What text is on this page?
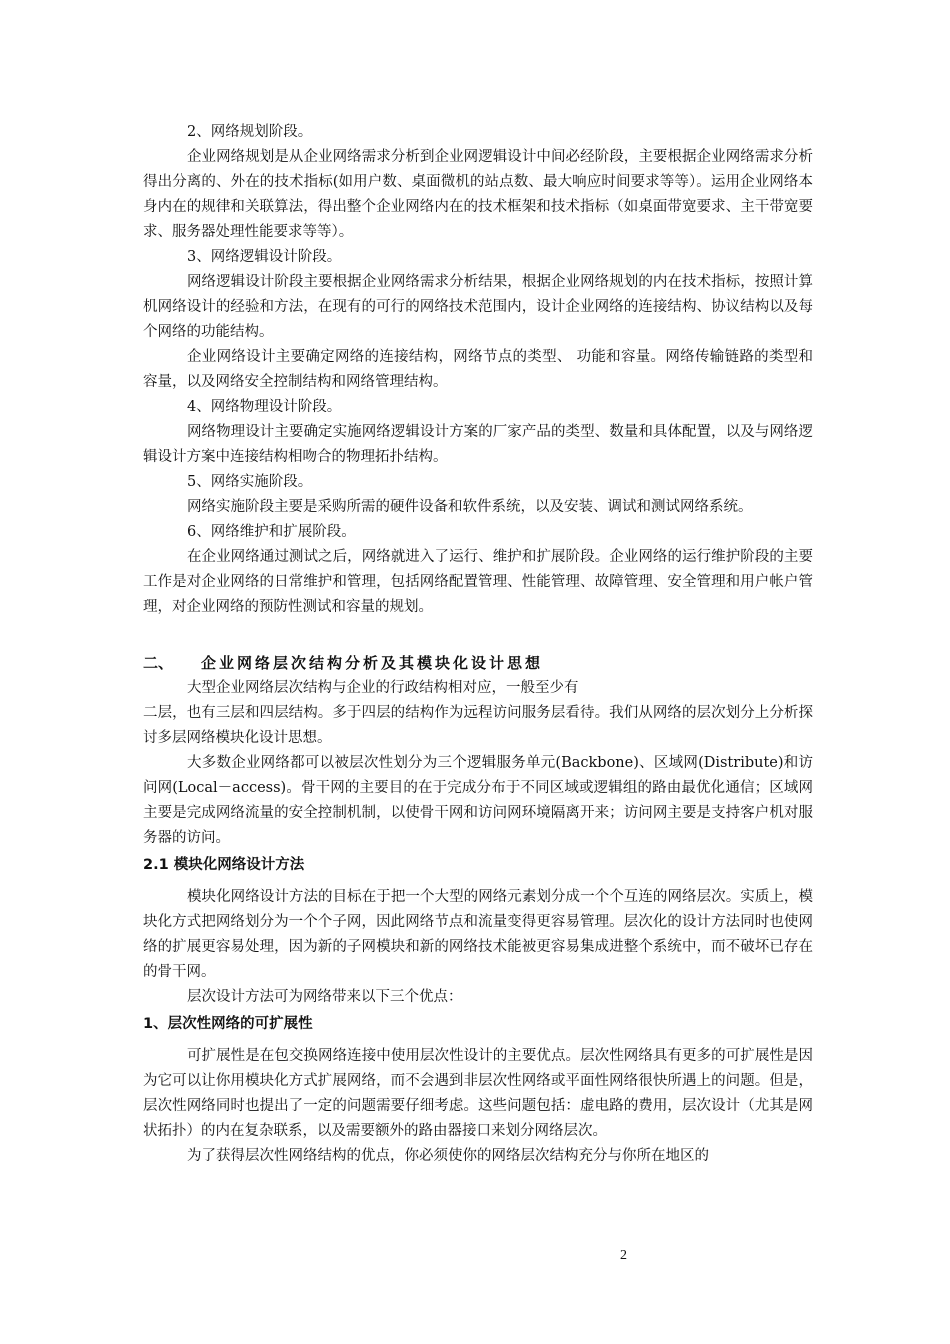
2、网络规划阶段。

企业网络规划是从企业网络需求分析到企业网逻辑设计中间必经阶段，主要根据企业网络需求分析得出分离的、外在的技术指标(如用户数、桌面微机的站点数、最大响应时间要求等等）。运用企业网络本身内在的规律和关联算法，得出整个企业网络内在的技术框架和技术指标（如桌面带宽要求、主干带宽要求、服务器处理性能要求等等）。

3、网络逻辑设计阶段。

网络逻辑设计阶段主要根据企业网络需求分析结果，根据企业网络规划的内在技术指标，按照计算机网络设计的经验和方法，在现有的可行的网络技术范围内，设计企业网络的连接结构、协议结构以及每个网络的功能结构。

企业网络设计主要确定网络的连接结构，网络节点的类型、 功能和容量。网络传输链路的类型和容量，以及网络安全控制结构和网络管理结构。

4、网络物理设计阶段。

网络物理设计主要确定实施网络逻辑设计方案的厂家产品的类型、数量和具体配置，以及与网络逻辑设计方案中连接结构相吻合的物理拓扑结构。

5、网络实施阶段。

网络实施阶段主要是采购所需的硬件设备和软件系统，以及安装、调试和测试网络系统。

6、网络维护和扩展阶段。

在企业网络通过测试之后，网络就进入了运行、维护和扩展阶段。企业网络的运行维护阶段的主要工作是对企业网络的日常维护和管理，包括网络配置管理、性能管理、故障管理、安全管理和用户帐户管理，对企业网络的预防性测试和容量的规划。

二、 企业网络层次结构分析及其模块化设计思想

大型企业网络层次结构与企业的行政结构相对应，一般至少有

二层，也有三层和四层结构。多于四层的结构作为远程访问服务层看待。我们从网络的层次划分上分析探讨多层网络模块化设计思想。

大多数企业网络都可以被层次性划分为三个逻辑服务单元(Backbone)、区域网(Distribute)和访问网(Local－access)。骨干网的主要目的在于完成分布于不同区域或逻辑组的路由最优化通信；区域网主要是完成网络流量的安全控制机制，以使骨干网和访问网环境隔离开来；访问网主要是支持客户机对服务器的访问。

2.1 模块化网络设计方法

模块化网络设计方法的目标在于把一个大型的网络元素划分成一个个互连的网络层次。实质上，模块化方式把网络划分为一个个子网，因此网络节点和流量变得更容易管理。层次化的设计方法同时也使网络的扩展更容易处理，因为新的子网模块和新的网络技术能被更容易集成进整个系统中，而不破坏已存在的骨干网。

层次设计方法可为网络带来以下三个优点：

1、层次性网络的可扩展性

可扩展性是在包交换网络连接中使用层次性设计的主要优点。层次性网络具有更多的可扩展性是因为它可以让你用模块化方式扩展网络，而不会遇到非层次性网络或平面性网络很快所遇上的问题。但是，层次性网络同时也提出了一定的问题需要仔细考虑。这些问题包括：虚电路的费用，层次设计（尤其是网状拓扑）的内在复杂联系，以及需要额外的路由器接口来划分网络层次。

为了获得层次性网络结构的优点，你必须使你的网络层次结构充分与你所在地区的

2
